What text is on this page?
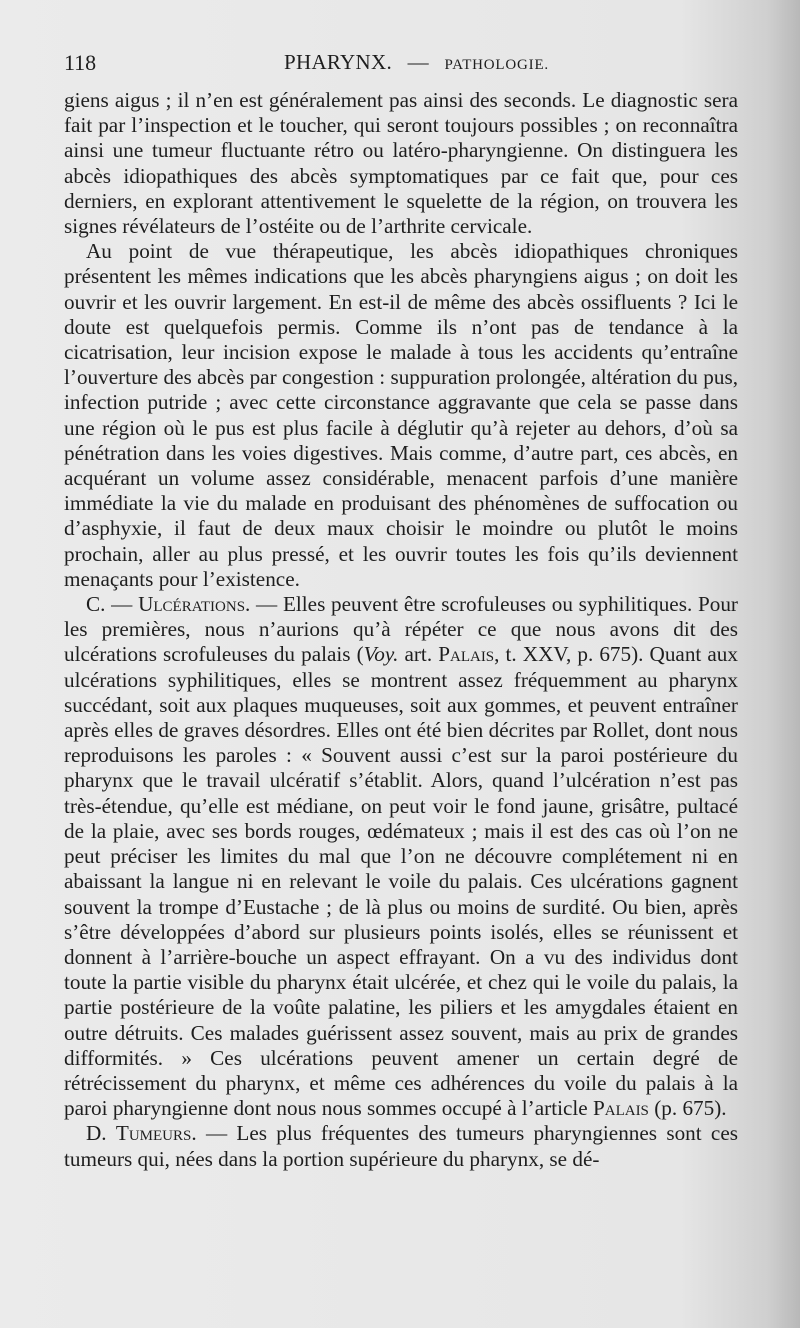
118	PHARYNX. — PATHOLOGIE.

giens aigus ; il n’en est généralement pas ainsi des seconds. Le diagnostic sera fait par l’inspection et le toucher, qui seront toujours possibles ; on reconnaîtra ainsi une tumeur fluctuante rétro ou latéro-pharyngienne. On distinguera les abcès idiopathiques des abcès symptomatiques par ce fait que, pour ces derniers, en explorant attentivement le squelette de la région, on trouvera les signes révélateurs de l’ostéite ou de l’arthrite cervicale.

Au point de vue thérapeutique, les abcès idiopathiques chroniques présentent les mêmes indications que les abcès pharyngiens aigus ; on doit les ouvrir et les ouvrir largement. En est-il de même des abcès ossifluents ? Ici le doute est quelquefois permis. Comme ils n’ont pas de tendance à la cicatrisation, leur incision expose le malade à tous les accidents qu’entraîne l’ouverture des abcès par congestion : suppuration prolongée, altération du pus, infection putride ; avec cette circonstance aggravante que cela se passe dans une région où le pus est plus facile à déglutir qu’à rejeter au dehors, d’où sa pénétration dans les voies digestives. Mais comme, d’autre part, ces abcès, en acquérant un volume assez considérable, menacent parfois d’une manière immédiate la vie du malade en produisant des phénomènes de suffocation ou d’asphyxie, il faut de deux maux choisir le moindre ou plutôt le moins prochain, aller au plus pressé, et les ouvrir toutes les fois qu’ils deviennent menaçants pour l’existence.

C. — Ulcérations. — Elles peuvent être scrofuleuses ou syphilitiques. Pour les premières, nous n’aurions qu’à répéter ce que nous avons dit des ulcérations scrofuleuses du palais (Voy. art. Palais, t. XXV, p. 675). Quant aux ulcérations syphilitiques, elles se montrent assez fréquemment au pharynx succédant, soit aux plaques muqueuses, soit aux gommes, et peuvent entraîner après elles de graves désordres. Elles ont été bien décrites par Rollet, dont nous reproduisons les paroles : « Souvent aussi c’est sur la paroi postérieure du pharynx que le travail ulcératif s’établit. Alors, quand l’ulcération n’est pas très-étendue, qu’elle est médiane, on peut voir le fond jaune, grisâtre, pultacé de la plaie, avec ses bords rouges, œdémateux ; mais il est des cas où l’on ne peut préciser les limites du mal que l’on ne découvre complétement ni en abaissant la langue ni en relevant le voile du palais. Ces ulcérations gagnent souvent la trompe d’Eustache ; de là plus ou moins de surdité. Ou bien, après s’être développées d’abord sur plusieurs points isolés, elles se réunissent et donnent à l’arrière-bouche un aspect effrayant. On a vu des individus dont toute la partie visible du pharynx était ulcérée, et chez qui le voile du palais, la partie postérieure de la voûte palatine, les piliers et les amygdales étaient en outre détruits. Ces malades guérissent assez souvent, mais au prix de grandes difformités. » Ces ulcérations peuvent amener un certain degré de rétrécissement du pharynx, et même ces adhérences du voile du palais à la paroi pharyngienne dont nous nous sommes occupé à l’article Palais (p. 675).

D. Tumeurs. — Les plus fréquentes des tumeurs pharyngiennes sont ces tumeurs qui, nées dans la portion supérieure du pharynx, se dé-
